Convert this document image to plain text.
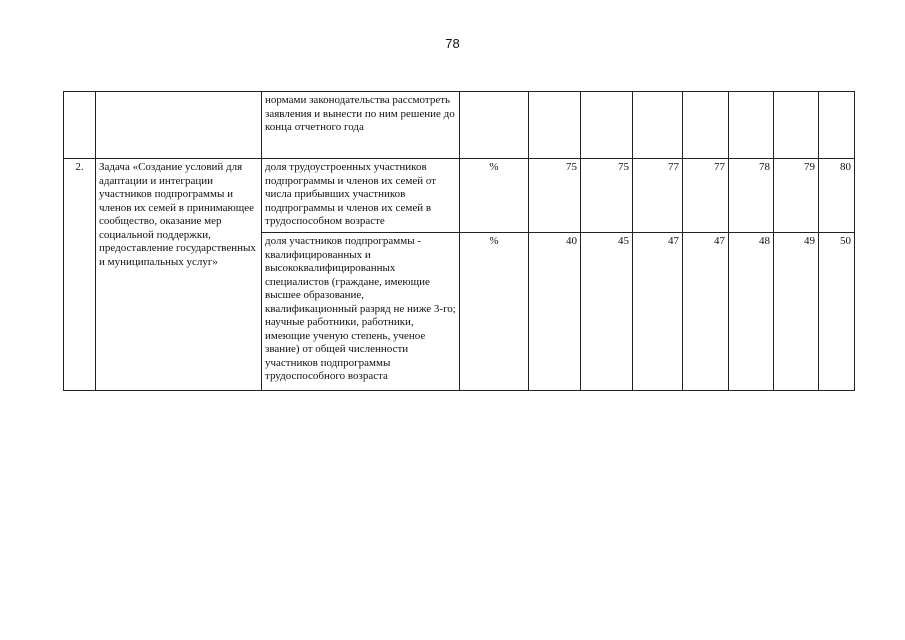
78
		нормами законодательства рассмотреть заявления и вынести по ним решение до конца отчетного года								
2.	Задача «Создание условий для адаптации и интеграции участников подпрограммы и членов их семей в принимающее сообщество, оказание мер социальной поддержки, предоставление государственных и муниципальных услуг»	доля трудоустроенных участников подпрограммы и членов их семей от числа прибывших участников подпрограммы и членов их семей в трудоспособном возрасте	%	75	75	77	77	78	79	80
		доля участников подпрограммы - квалифицированных и высококвалифицированных специалистов (граждане, имеющие высшее образование, квалификационный разряд не ниже 3-го; научные работники, работники, имеющие ученую степень, ученое звание) от общей численности участников подпрограммы трудоспособного возраста	%	40	45	47	47	48	49	50
